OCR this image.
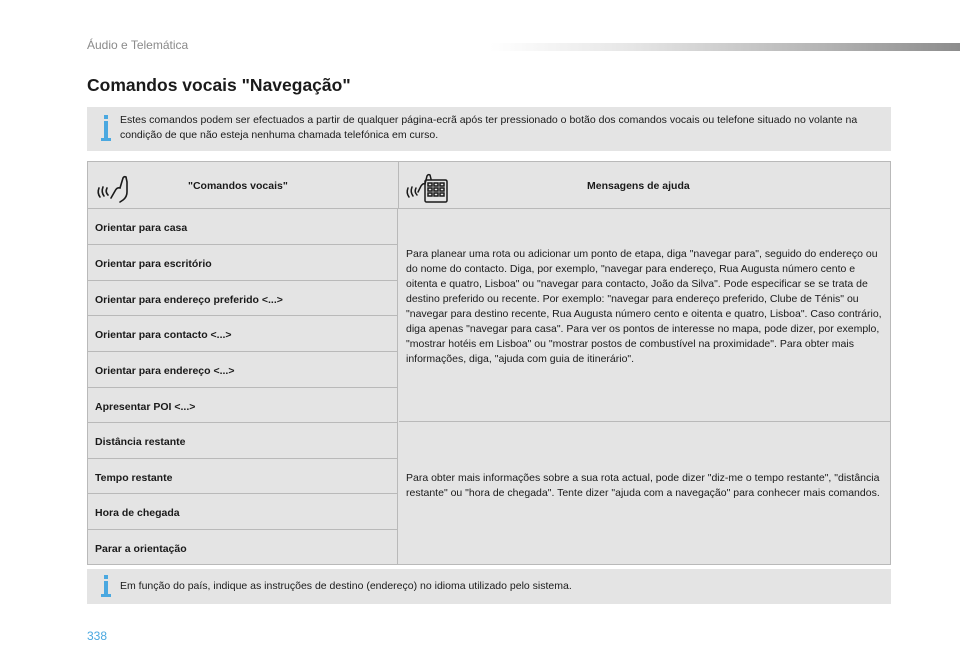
Áudio e Telemática
Comandos vocais "Navegação"
Estes comandos podem ser efectuados a partir de qualquer página-ecrã após ter pressionado o botão dos comandos vocais ou telefone situado no volante na condição de que não esteja nenhuma chamada telefónica em curso.
"Comandos vocais"	Mensagens de ajuda
Orientar para casa
Orientar para escritório
Orientar para endereço preferido <...>
Orientar para contacto <...>
Orientar para endereço <...>
Apresentar POI <...>
Para planear uma rota ou adicionar um ponto de etapa, diga "navegar para", seguido do endereço ou do nome do contacto. Diga, por exemplo, "navegar para endereço, Rua Augusta número cento e oitenta e quatro, Lisboa" ou "navegar para contacto, João da Silva". Pode especificar se se trata de destino preferido ou recente. Por exemplo: "navegar para endereço preferido, Clube de Ténis" ou "navegar para destino recente, Rua Augusta número cento e oitenta e quatro, Lisboa". Caso contrário, diga apenas "navegar para casa". Para ver os pontos de interesse no mapa, pode dizer, por exemplo, "mostrar hotéis em Lisboa" ou "mostrar postos de combustível na proximidade". Para obter mais informações, diga, "ajuda com guia de itinerário".
Distância restante
Tempo restante
Hora de chegada
Parar a orientação
Para obter mais informações sobre a sua rota actual, pode dizer "diz-me o tempo restante", "distância restante" ou "hora de chegada". Tente dizer "ajuda com a navegação" para conhecer mais comandos.
Em função do país, indique as instruções de destino (endereço) no idioma utilizado pelo sistema.
338
